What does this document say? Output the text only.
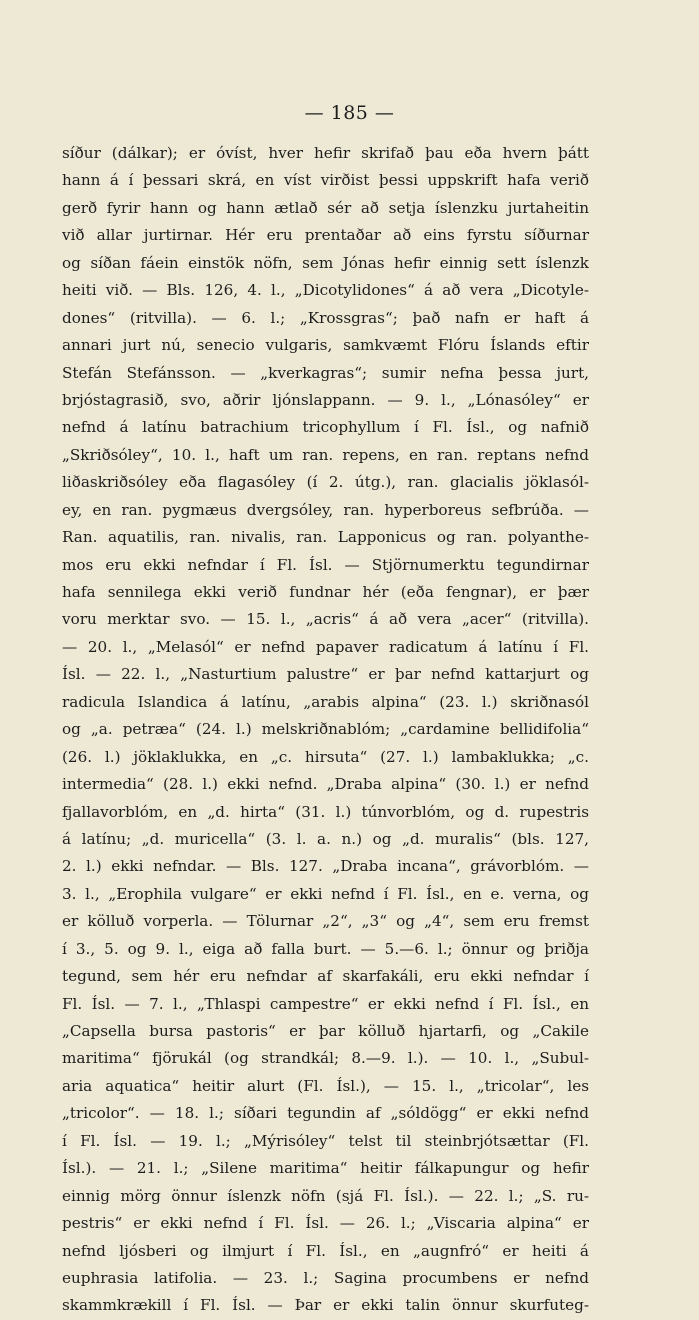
— 185 —
síður (dálkar); er óvíst, hver hefir skrifað þau eða hvern þátt
hann á í þessari skrá, en víst virðist þessi uppskrift hafa verið
gerð fyrir hann og hann ætlað sér að setja íslenzku jurtaheitin
við allar jurtirnar. Hér eru prentaðar að eins fyrstu síðurnar
og síðan fáein einstök nöfn, sem Jónas hefir einnig sett íslenzk
heiti við. — Bls. 126, 4. l., „Dicotylidones“ á að vera „Dicotyle-
dones“ (ritvilla). — 6. l.; „Krossgras“; það nafn er haft á
annari jurt nú, senecio vulgaris, samkvæmt Flóru Íslands eftir
Stefán Stefánsson. — „kverkagras“; sumir nefna þessa jurt,
brjóstagrasið, svo, aðrir ljónslappann. — 9. l., „Lónasóley“ er
nefnd á latínu batrachium tricophyllum í Fl. Ísl., og nafnið
„Skriðsóley“, 10. l., haft um ran. repens, en ran. reptans nefnd
liðaskriðsóley eða flagasóley (í 2. útg.), ran. glacialis jöklasól-
ey, en ran. pygmæus dvergsóley, ran. hyperboreus sefbrúða. —
Ran. aquatilis, ran. nivalis, ran. Lapponicus og ran. polyanthe-
mos eru ekki nefndar í Fl. Ísl. — Stjörnumerktu tegundirnar
hafa sennilega ekki verið fundnar hér (eða fengnar), er þær
voru merktar svo. — 15. l., „acris“ á að vera „acer“ (ritvilla).
— 20. l., „Melasól“ er nefnd papaver radicatum á latínu í Fl.
Ísl. — 22. l., „Nasturtium palustre“ er þar nefnd kattarjurt og
radicula Islandica á latínu, „arabis alpina“ (23. l.) skriðnasól
og „a. petræa“ (24. l.) melskriðnablóm; „cardamine bellidifolia“
(26. l.) jöklaklukka, en „c. hirsuta“ (27. l.) lambaklukka; „c.
intermedia“ (28. l.) ekki nefnd. „Draba alpina“ (30. l.) er nefnd
fjallavorblóm, en „d. hirta“ (31. l.) túnvorblóm, og d. rupestris
á latínu; „d. muricella“ (3. l. a. n.) og „d. muralis“ (bls. 127,
2. l.) ekki nefndar. — Bls. 127. „Draba incana“, grávorblóm. —
3. l., „Erophila vulgare“ er ekki nefnd í Fl. Ísl., en e. verna, og
er kölluð vorperla. — Tölurnar „2“, „3“ og „4“, sem eru fremst
í 3., 5. og 9. l., eiga að falla burt. — 5.—6. l.; önnur og þriðja
tegund, sem hér eru nefndar af skarfakáli, eru ekki nefndar í
Fl. Ísl. — 7. l., „Thlaspi campestre“ er ekki nefnd í Fl. Ísl., en
„Capsella bursa pastoris“ er þar kölluð hjartarfi, og „Cakile
maritima“ fjörukál (og strandkál; 8.—9. l.). — 10. l., „Subul-
aria aquatica“ heitir alurt (Fl. Ísl.), — 15. l., „tricolar“, les
„tricolor“. — 18. l.; síðari tegundin af „sóldögg“ er ekki nefnd
í Fl. Ísl. — 19. l.; „Mýrisóley“ telst til steinbrjótsættar (Fl.
Ísl.). — 21. l.; „Silene maritima“ heitir fálkapungur og hefir
einnig mörg önnur íslenzk nöfn (sjá Fl. Ísl.). — 22. l.; „S. ru-
pestris“ er ekki nefnd í Fl. Ísl. — 26. l.; „Viscaria alpina“ er
nefnd ljósberi og ilmjurt í Fl. Ísl., en „augnfró“ er heiti á
euphrasia latifolia. — 23. l.; Sagina procumbens er nefnd
skammkrækill í Fl. Ísl. — Þar er ekki talin önnur skurfuteg-
